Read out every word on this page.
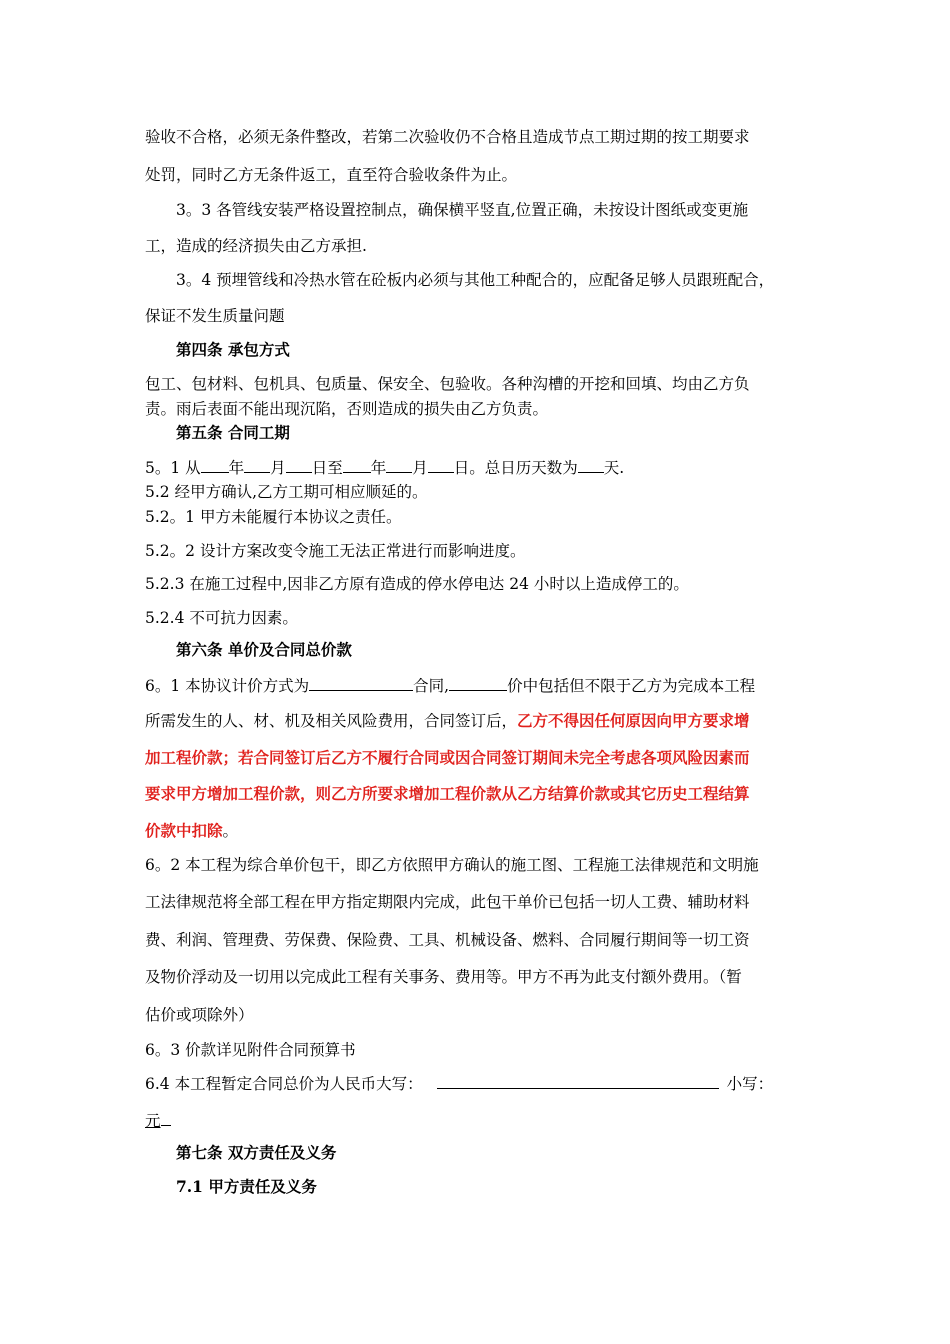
验收不合格，必须无条件整改，若第二次验收仍不合格且造成节点工期过期的按工期要求
处罚，同时乙方无条件返工，直至符合验收条件为止。
3。3 各管线安装严格设置控制点，确保横平竖直,位置正确，未按设计图纸或变更施
工，造成的经济损失由乙方承担.
3。4 预埋管线和冷热水管在砼板内必须与其他工种配合的，应配备足够人员跟班配合，
保证不发生质量问题
第四条 承包方式
包工、包材料、包机具、包质量、保安全、包验收。各种沟槽的开挖和回填、均由乙方负
责。雨后表面不能出现沉陷，否则造成的损失由乙方负责。
第五条 合同工期
5。1 从 年 月 日至 年 月 日。总日历天数为 天.
5.2 经甲方确认,乙方工期可相应顺延的。
5.2。1 甲方未能履行本协议之责任。
5.2。2 设计方案改变令施工无法正常进行而影响进度。
5.2.3 在施工过程中,因非乙方原有造成的停水停电达 24 小时以上造成停工的。
5.2.4 不可抗力因素。
第六条 单价及合同总价款
6。1 本协议计价方式为	合同,	价中包括但不限于乙方为完成本工程
所需发生的人、材、机及相关风险费用，合同签订后，乙方不得因任何原因向甲方要求增
加工程价款；若合同签订后乙方不履行合同或因合同签订期间未完全考虑各项风险因素而
要求甲方增加工程价款，则乙方所要求增加工程价款从乙方结算价款或其它历史工程结算
价款中扣除。
6。2 本工程为综合单价包干，即乙方依照甲方确认的施工图、工程施工法律规范和文明施
工法律规范将全部工程在甲方指定期限内完成，此包干单价已包括一切人工费、辅助材料
费、利润、管理费、劳保费、保险费、工具、机械设备、燃料、合同履行期间等一切工资
及物价浮动及一切用以完成此工程有关事务、费用等。甲方不再为此支付额外费用。（暂
估价或项除外）
6。3 价款详见附件合同预算书
6.4 本工程暂定合同总价为人民币大写：	小写：
元
第七条 双方责任及义务
7.1 甲方责任及义务
